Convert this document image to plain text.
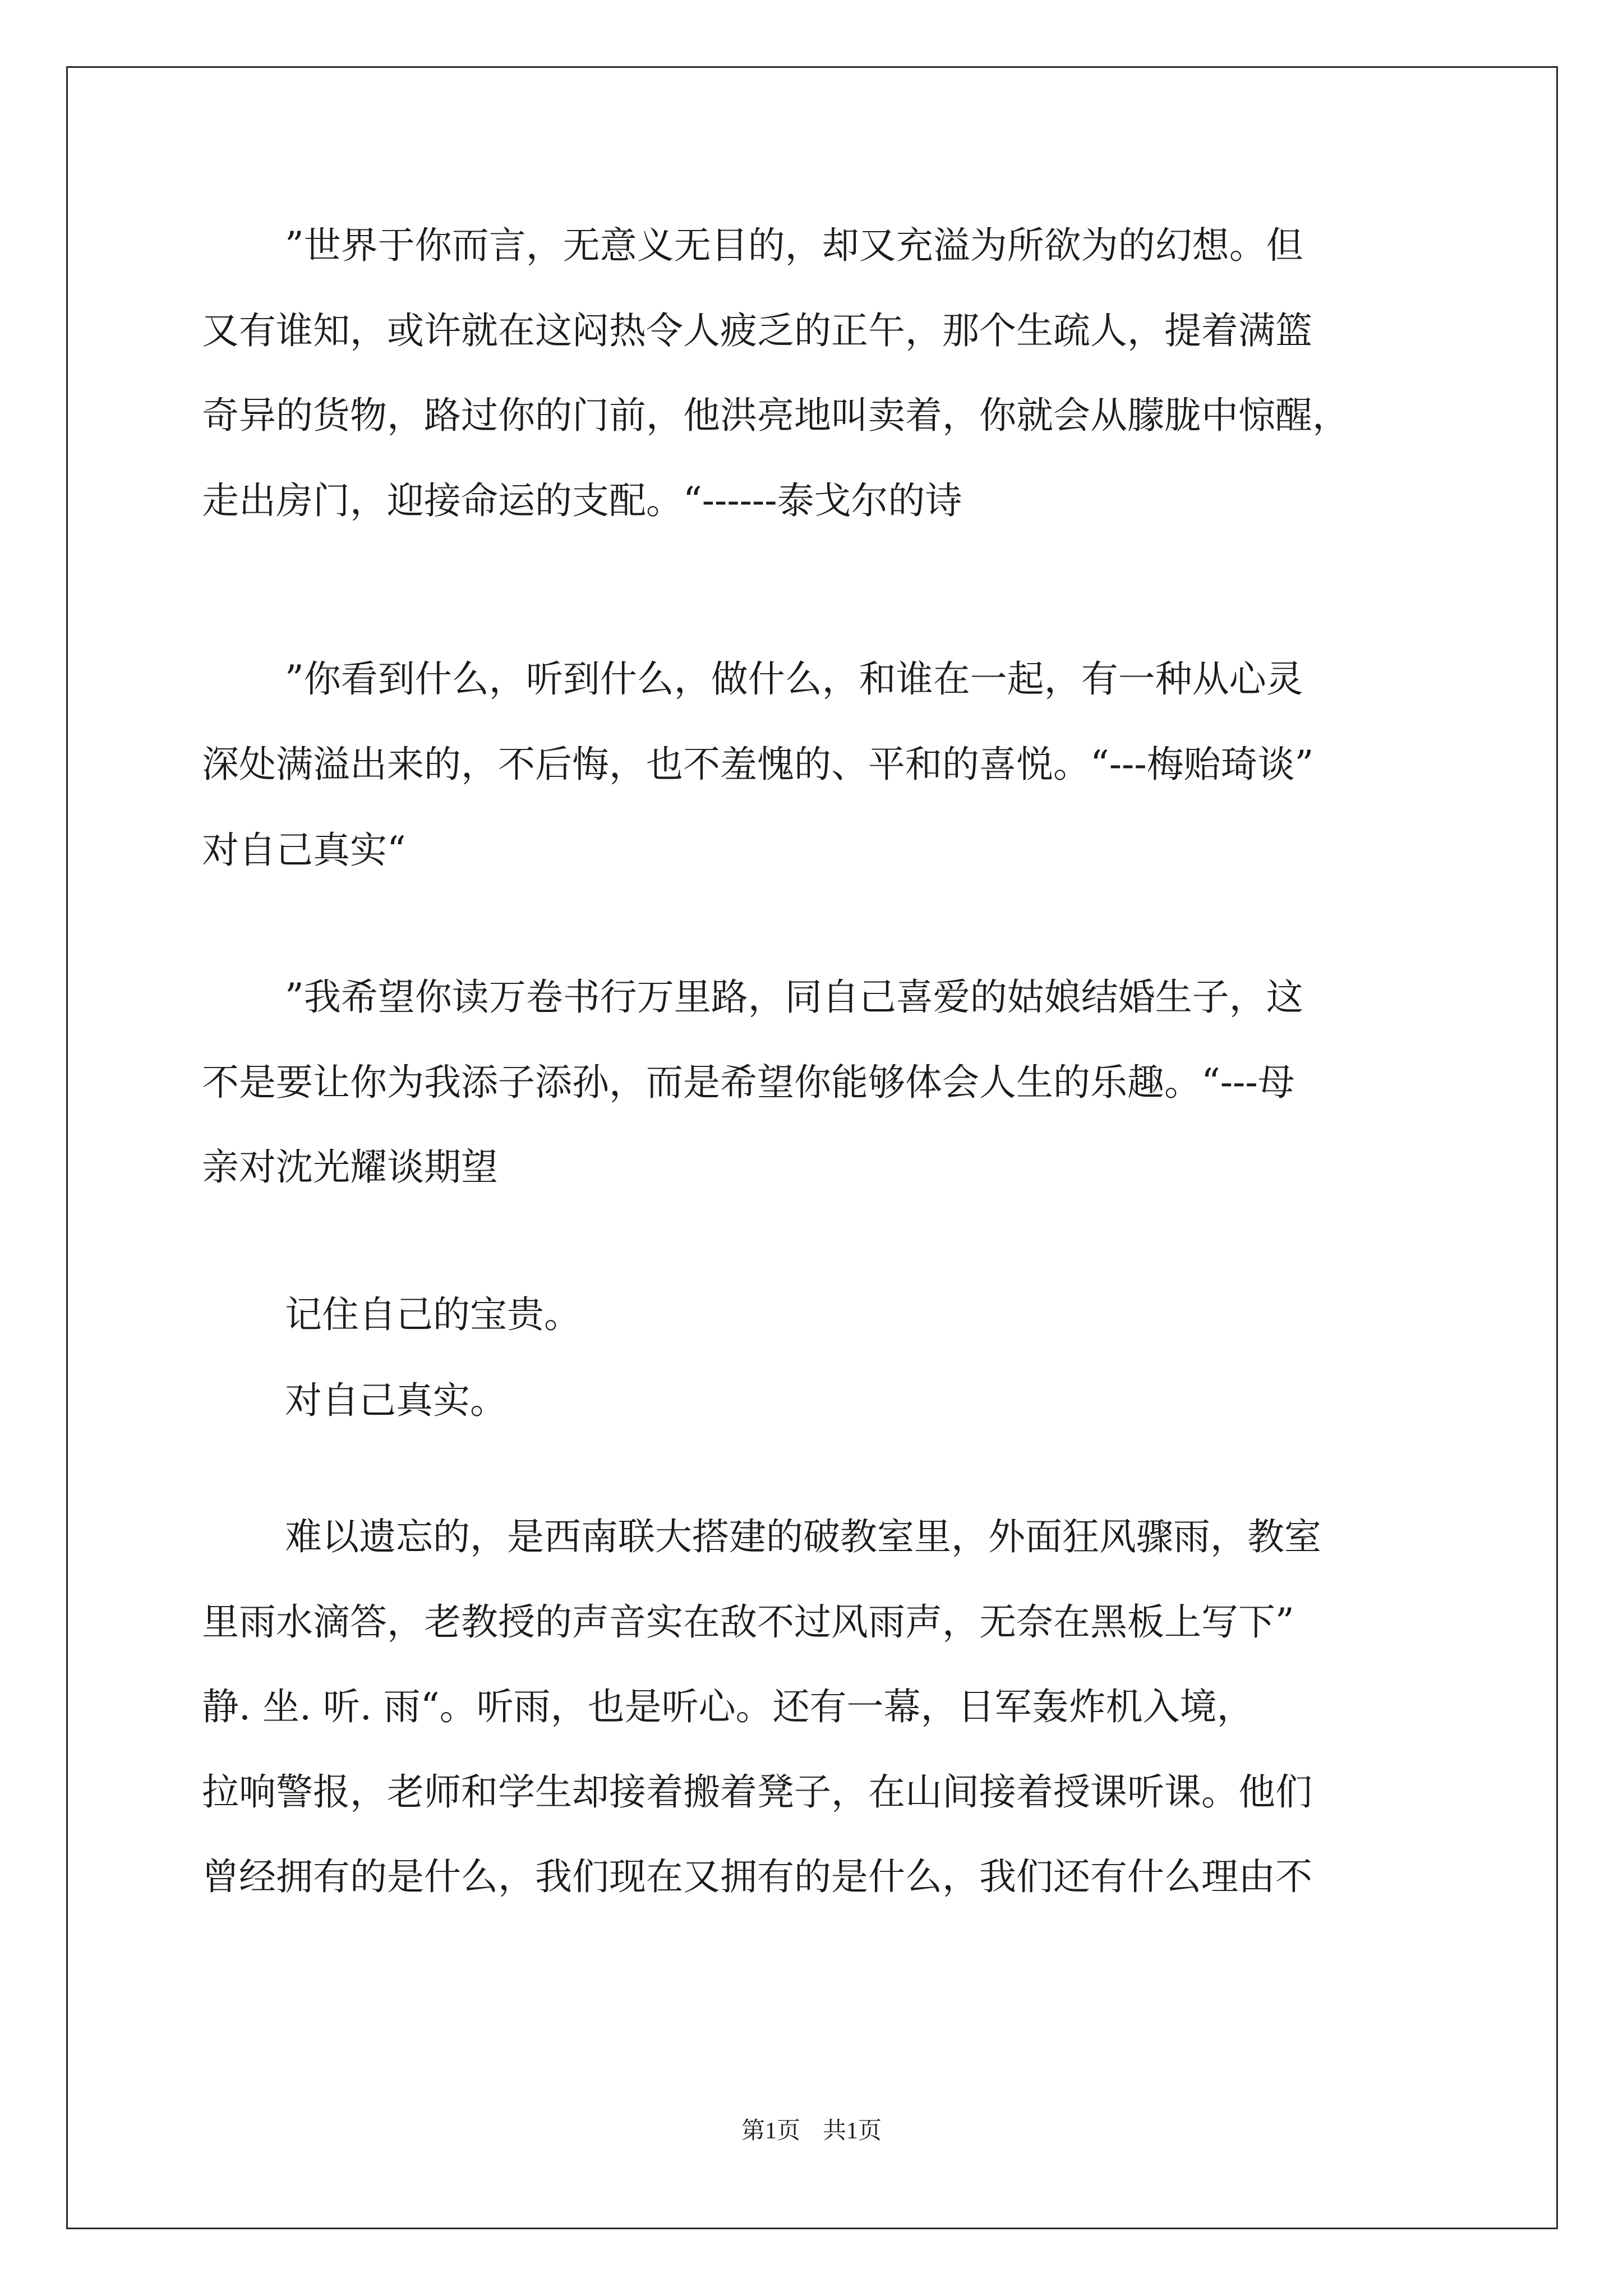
”世界于你而言，无意义无目的，却又充溢为所欲为的幻想。但
又有谁知，或许就在这闷热令人疲乏的正午，那个生疏人，提着满篮
奇异的货物，路过你的门前，他洪亮地叫卖着，你就会从朦胧中惊醒，
走出房门，迎接命运的支配。“------泰戈尔的诗
”你看到什么，听到什么，做什么，和谁在一起，有一种从心灵
深处满溢出来的，不后悔，也不羞愧的、平和的喜悦。“---梅贻琦谈”
对自己真实“
”我希望你读万卷书行万里路，同自己喜爱的姑娘结婚生子，这
不是要让你为我添子添孙，而是希望你能够体会人生的乐趣。“---母
亲对沈光耀谈期望
记住自己的宝贵。
对自己真实。
难以遗忘的，是西南联大搭建的破教室里，外面狂风骤雨，教室
里雨水滴答，老教授的声音实在敌不过风雨声，无奈在黑板上写下”
静. 坐. 听. 雨“。听雨，也是听心。还有一幕，日军轰炸机入境，
拉响警报，老师和学生却接着搬着凳子，在山间接着授课听课。他们
曾经拥有的是什么，我们现在又拥有的是什么，我们还有什么理由不
第1页 共1页
